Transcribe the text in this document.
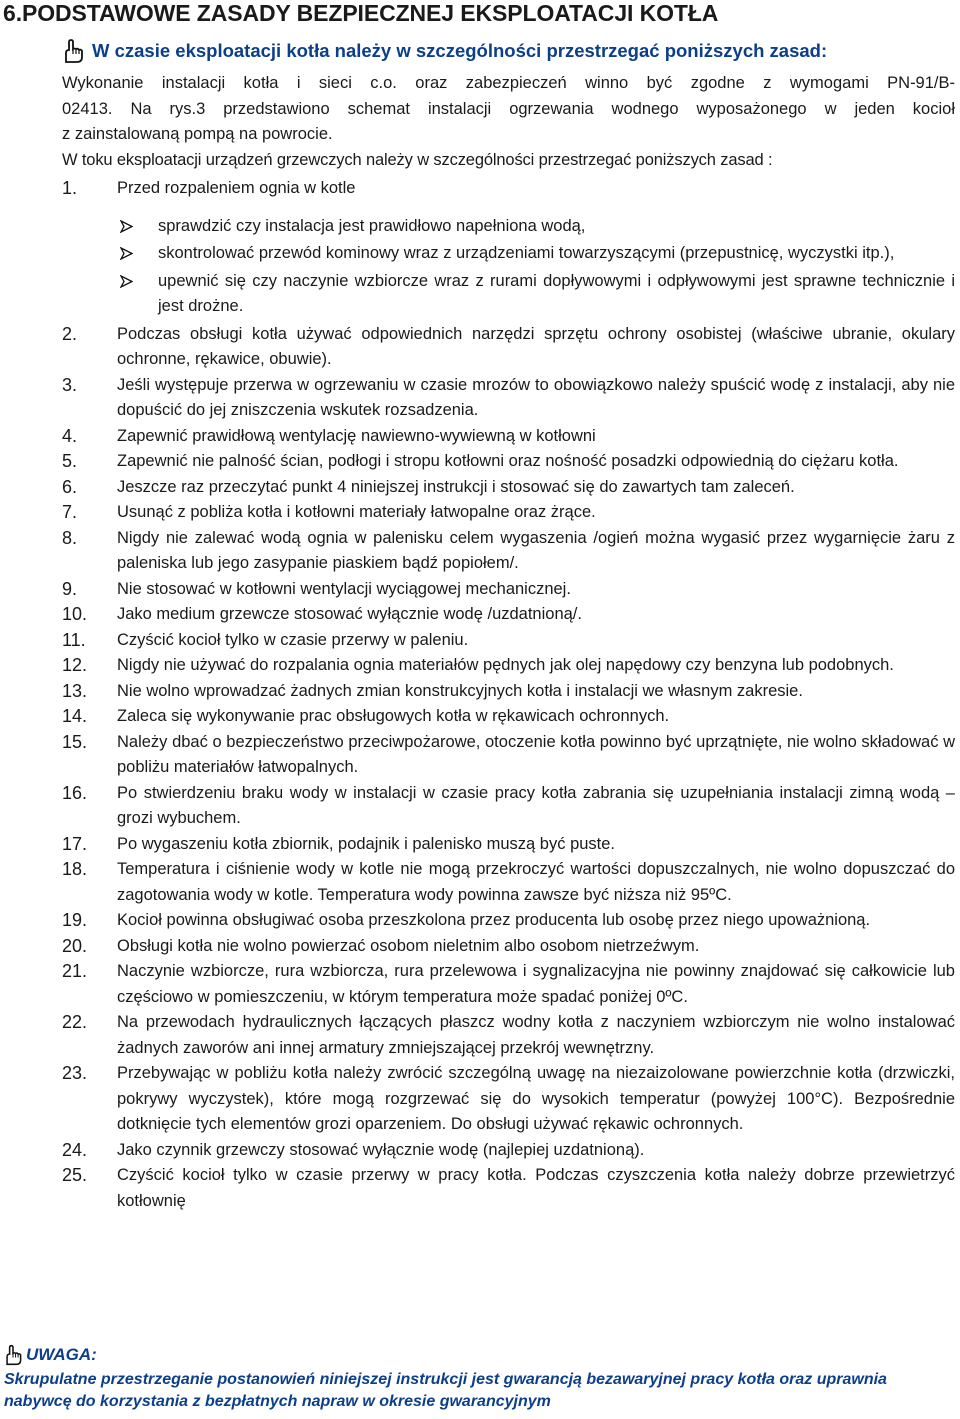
6.PODSTAWOWE ZASADY BEZPIECZNEJ EKSPLOATACJI KOTŁA
W czasie eksploatacji kotła należy w szczególności przestrzegać poniższych zasad:
Wykonanie instalacji kotła i sieci c.o. oraz zabezpieczeń winno być zgodne z wymogami PN-91/B-
02413. Na rys.3 przedstawiono schemat instalacji ogrzewania wodnego wyposażonego w jeden kocioł
z zainstalowaną pompą na powrocie.
W toku eksploatacji urządzeń grzewczych należy w szczególności przestrzegać poniższych zasad :
1.	Przed rozpaleniem ognia w kotle
sprawdzić czy instalacja jest prawidłowo napełniona wodą,
skontrolować przewód kominowy wraz z urządzeniami towarzyszącymi (przepustnicę, wyczystki itp.),
upewnić się czy naczynie wzbiorcze wraz z rurami dopływowymi i odpływowymi jest sprawne technicznie i jest drożne.
2.	Podczas obsługi kotła używać odpowiednich narzędzi sprzętu ochrony osobistej (właściwe ubranie, okulary ochronne, rękawice, obuwie).
3.	Jeśli występuje przerwa w ogrzewaniu w czasie mrozów to obowiązkowo należy spuścić wodę z instalacji, aby nie dopuścić do jej zniszczenia wskutek rozsadzenia.
4.	Zapewnić prawidłową wentylację nawiewno-wywiewną w kotłowni
5.	Zapewnić nie palność ścian, podłogi i stropu kotłowni oraz nośność posadzki odpowiednią do ciężaru kotła.
6.	Jeszcze raz przeczytać punkt 4 niniejszej instrukcji i stosować się do zawartych tam zaleceń.
7.	Usunąć z pobliża kotła i kotłowni materiały łatwopalne oraz żrące.
8.	Nigdy nie zalewać wodą ognia w palenisku celem wygaszenia /ogień można wygasić przez wygarnięcie żaru z paleniska lub jego zasypanie piaskiem bądź popiołem/.
9.	Nie stosować w kotłowni wentylacji wyciągowej mechanicznej.
10.	Jako medium grzewcze stosować wyłącznie wodę /uzdatnioną/.
11.	Czyścić kocioł tylko w czasie przerwy w paleniu.
12.	Nigdy nie używać do rozpalania ognia materiałów pędnych jak olej napędowy czy benzyna lub podobnych.
13.	Nie wolno wprowadzać żadnych zmian konstrukcyjnych kotła i instalacji we własnym zakresie.
14.	Zaleca się wykonywanie prac obsługowych kotła w rękawicach ochronnych.
15.	Należy dbać o bezpieczeństwo przeciwpożarowe, otoczenie kotła powinno być uprzątnięte, nie wolno składować w pobliżu materiałów łatwopalnych.
16.	Po stwierdzeniu braku wody w instalacji w czasie pracy kotła zabrania się uzupełniania instalacji zimną wodą – grozi wybuchem.
17.	Po wygaszeniu kotła zbiornik, podajnik i palenisko muszą być puste.
18.	Temperatura i ciśnienie wody w kotle nie mogą przekroczyć wartości dopuszczalnych, nie wolno dopuszczać do zagotowania wody w kotle. Temperatura wody powinna zawsze być niższa niż 95ºC.
19.	Kocioł powinna obsługiwać osoba przeszkolona przez producenta lub osobę przez niego upoważnioną.
20.	Obsługi kotła nie wolno powierzać osobom nieletnim albo osobom nietrzeźwym.
21.	Naczynie wzbiorcze, rura wzbiorcza, rura przelewowa i sygnalizacyjna nie powinny znajdować się całkowicie lub częściowo w pomieszczeniu, w którym temperatura może spadać poniżej 0ºC.
22.	Na przewodach hydraulicznych łączących płaszcz wodny kotła z naczyniem wzbiorczym nie wolno instalować żadnych zaworów ani innej armatury zmniejszającej przekrój wewnętrzny.
23.	Przebywając w pobliżu kotła należy zwrócić szczególną uwagę na niezaizolowane powierzchnie kotła (drzwiczki, pokrywy wyczystek), które mogą rozgrzewać się do wysokich temperatur (powyżej 100°C). Bezpośrednie dotknięcie tych elementów grozi oparzeniem. Do obsługi używać rękawic ochronnych.
24.	Jako czynnik grzewczy stosować wyłącznie wodę (najlepiej uzdatnioną).
25.	Czyścić kocioł tylko w czasie przerwy w pracy kotła. Podczas czyszczenia kotła należy dobrze przewietrzyć kotłownię
UWAGA:
Skrupulatne przestrzeganie postanowień niniejszej instrukcji jest gwarancją bezawaryjnej pracy kotła oraz uprawnia nabywcę do korzystania z bezpłatnych napraw w okresie gwarancyjnym
